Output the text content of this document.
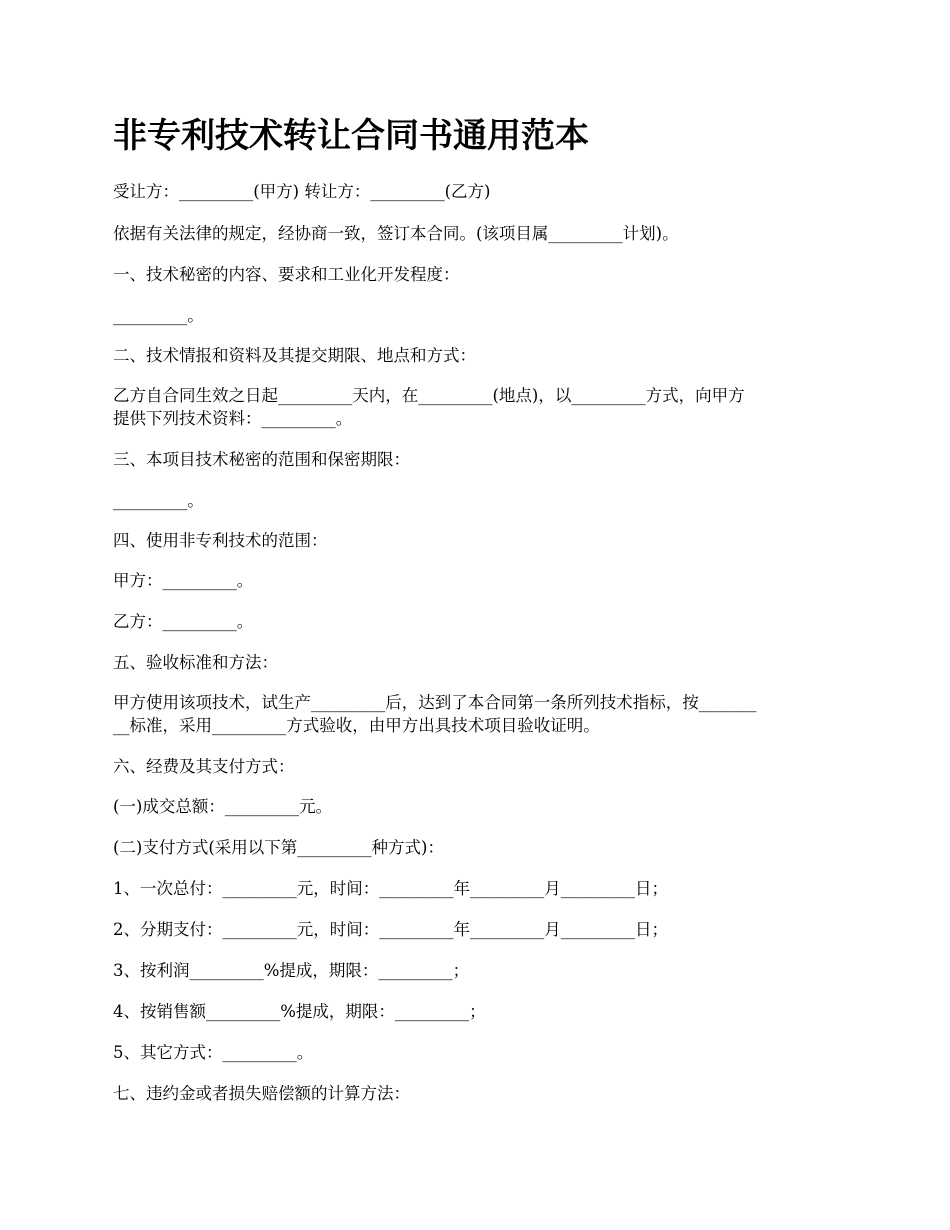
非专利技术转让合同书通用范本

受让方：_________(甲方) 转让方：_________(乙方)

依据有关法律的规定，经协商一致，签订本合同。(该项目属_________计划)。

一、技术秘密的内容、要求和工业化开发程度：

_________。

二、技术情报和资料及其提交期限、地点和方式：

乙方自合同生效之日起_________天内，在_________(地点)，以_________方式，向甲方

提供下列技术资料：_________。

三、本项目技术秘密的范围和保密期限：

_________。

四、使用非专利技术的范围：

甲方：_________。

乙方：_________。

五、验收标准和方法：

甲方使用该项技术，试生产_________后，达到了本合同第一条所列技术指标，按_______

__标准，采用_________方式验收，由甲方出具技术项目验收证明。

六、经费及其支付方式：

(一)成交总额：_________元。

(二)支付方式(采用以下第_________种方式)：

1、一次总付：_________元，时间：_________年_________月_________日；

2、分期支付：_________元，时间：_________年_________月_________日；

3、按利润_________%提成，期限：_________；

4、按销售额_________%提成，期限：_________；

5、其它方式：_________。

七、违约金或者损失赔偿额的计算方法：
